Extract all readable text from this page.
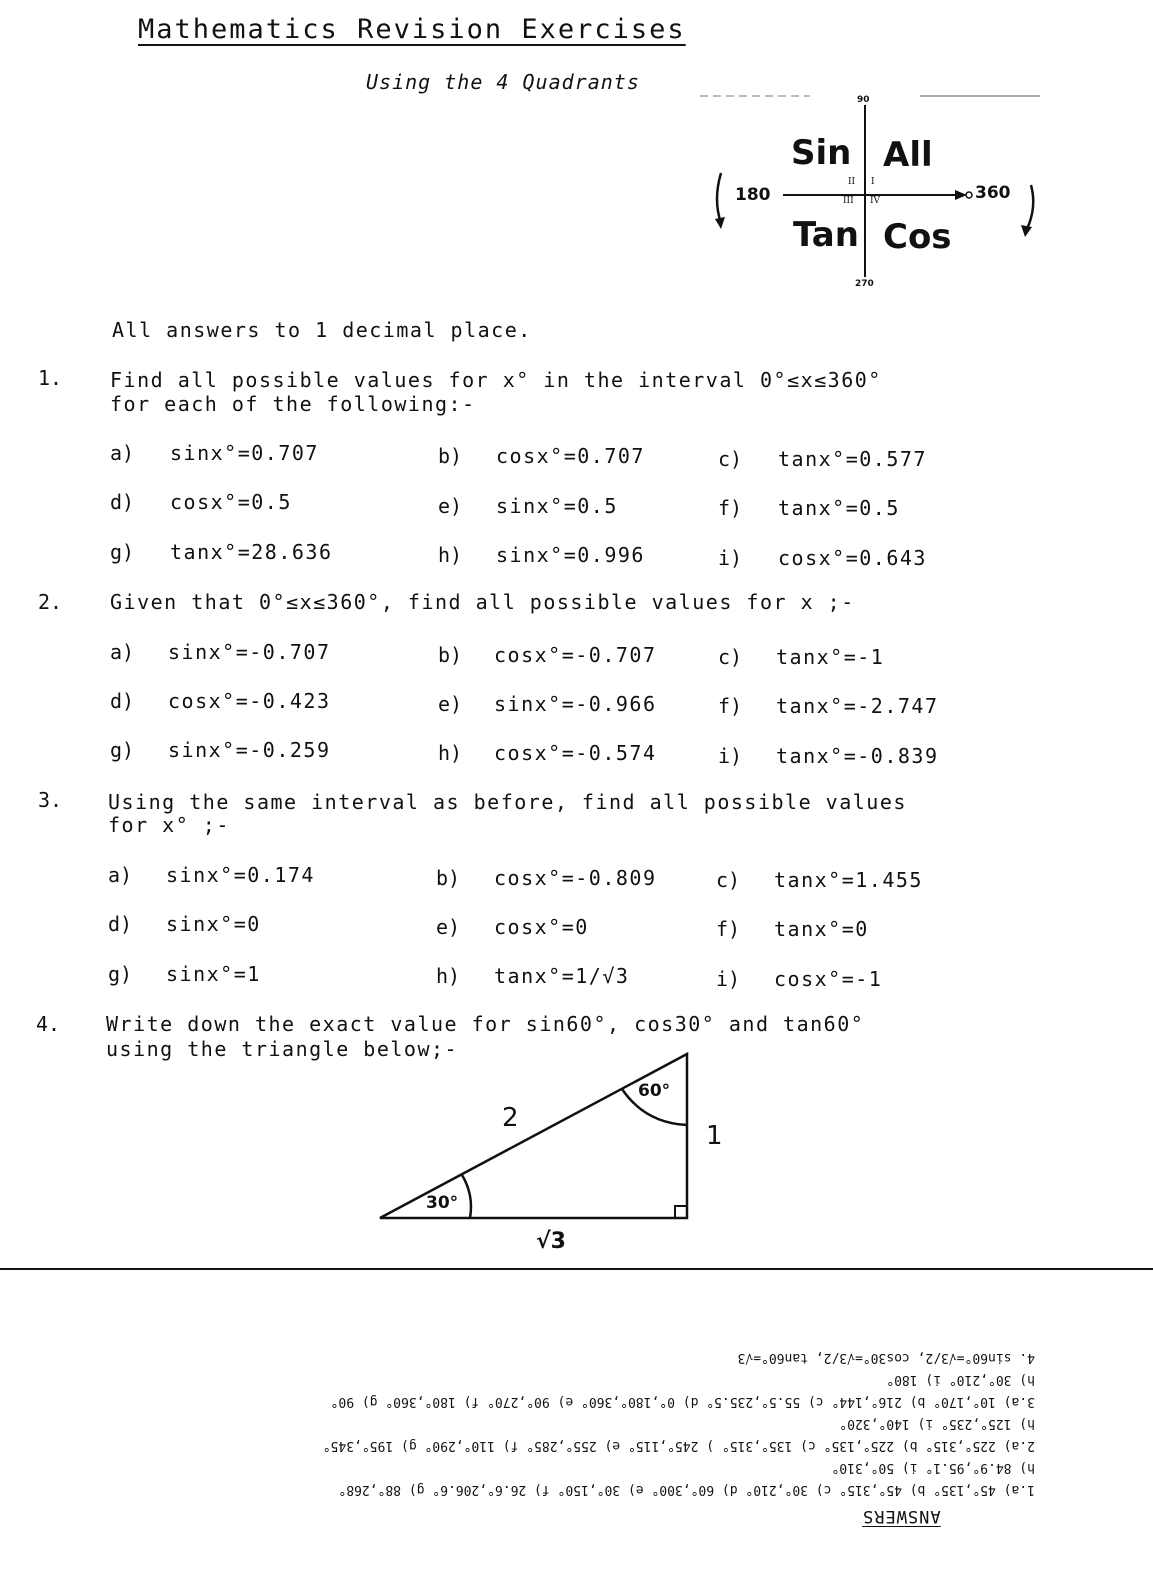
Mathematics Revision Exercises
Using the 4 Quadrants
90
180	360
270
Sin All
Tan Cos
II I
III IV
All answers to 1 decimal place.
1. Find all possible values for x° in the interval 0°≤x≤360°
for each of the following:-
a) sinx°=0.707	b) cosx°=0.707	c) tanx°=0.577
d) cosx°=0.5	e) sinx°=0.5	f) tanx°=0.5
g) tanx°=28.636	h) sinx°=0.996	i) cosx°=0.643
2. Given that 0°≤x≤360°, find all possible values for x ;-
a) sinx°=-0.707	b) cosx°=-0.707	c) tanx°=-1
d) cosx°=-0.423	e) sinx°=-0.966	f) tanx°=-2.747
g) sinx°=-0.259	h) cosx°=-0.574	i) tanx°=-0.839
3. Using the same interval as before, find all possible values
for x° ;-
a) sinx°=0.174	b) cosx°=-0.809	c) tanx°=1.455
d) sinx°=0	e) cosx°=0	f) tanx°=0
g) sinx°=1	h) tanx°=1/√3	i) cosx°=-1
4. Write down the exact value for sin60°, cos30° and tan60°
using the triangle below;-
2
1
√3
60°
30°
1.a) 45°,135° b) 45°,315° c) 30°,210° d) 60°,300° e) 30°,150° f) 26.6°,206.6° g) 88°,268°
h) 84.9°,95.1° i) 50°,310°
2.a) 225°,315° b) 225°,135° c) 135°,315° ) 245°,115° e) 255°,285° f) 110°,290° g) 195°,345°
h) 125°,235° i) 140°,320°
3.a) 10°,170° b) 216°,144° c) 55.5°,235.5° d) 0°,180°,360° e) 90°,270° f) 180°,360° g) 90°
h) 30°,210° i) 180°
4. sin60°=√3/2, cos30°=√3/2, tan60°=√3
ANSWERS
